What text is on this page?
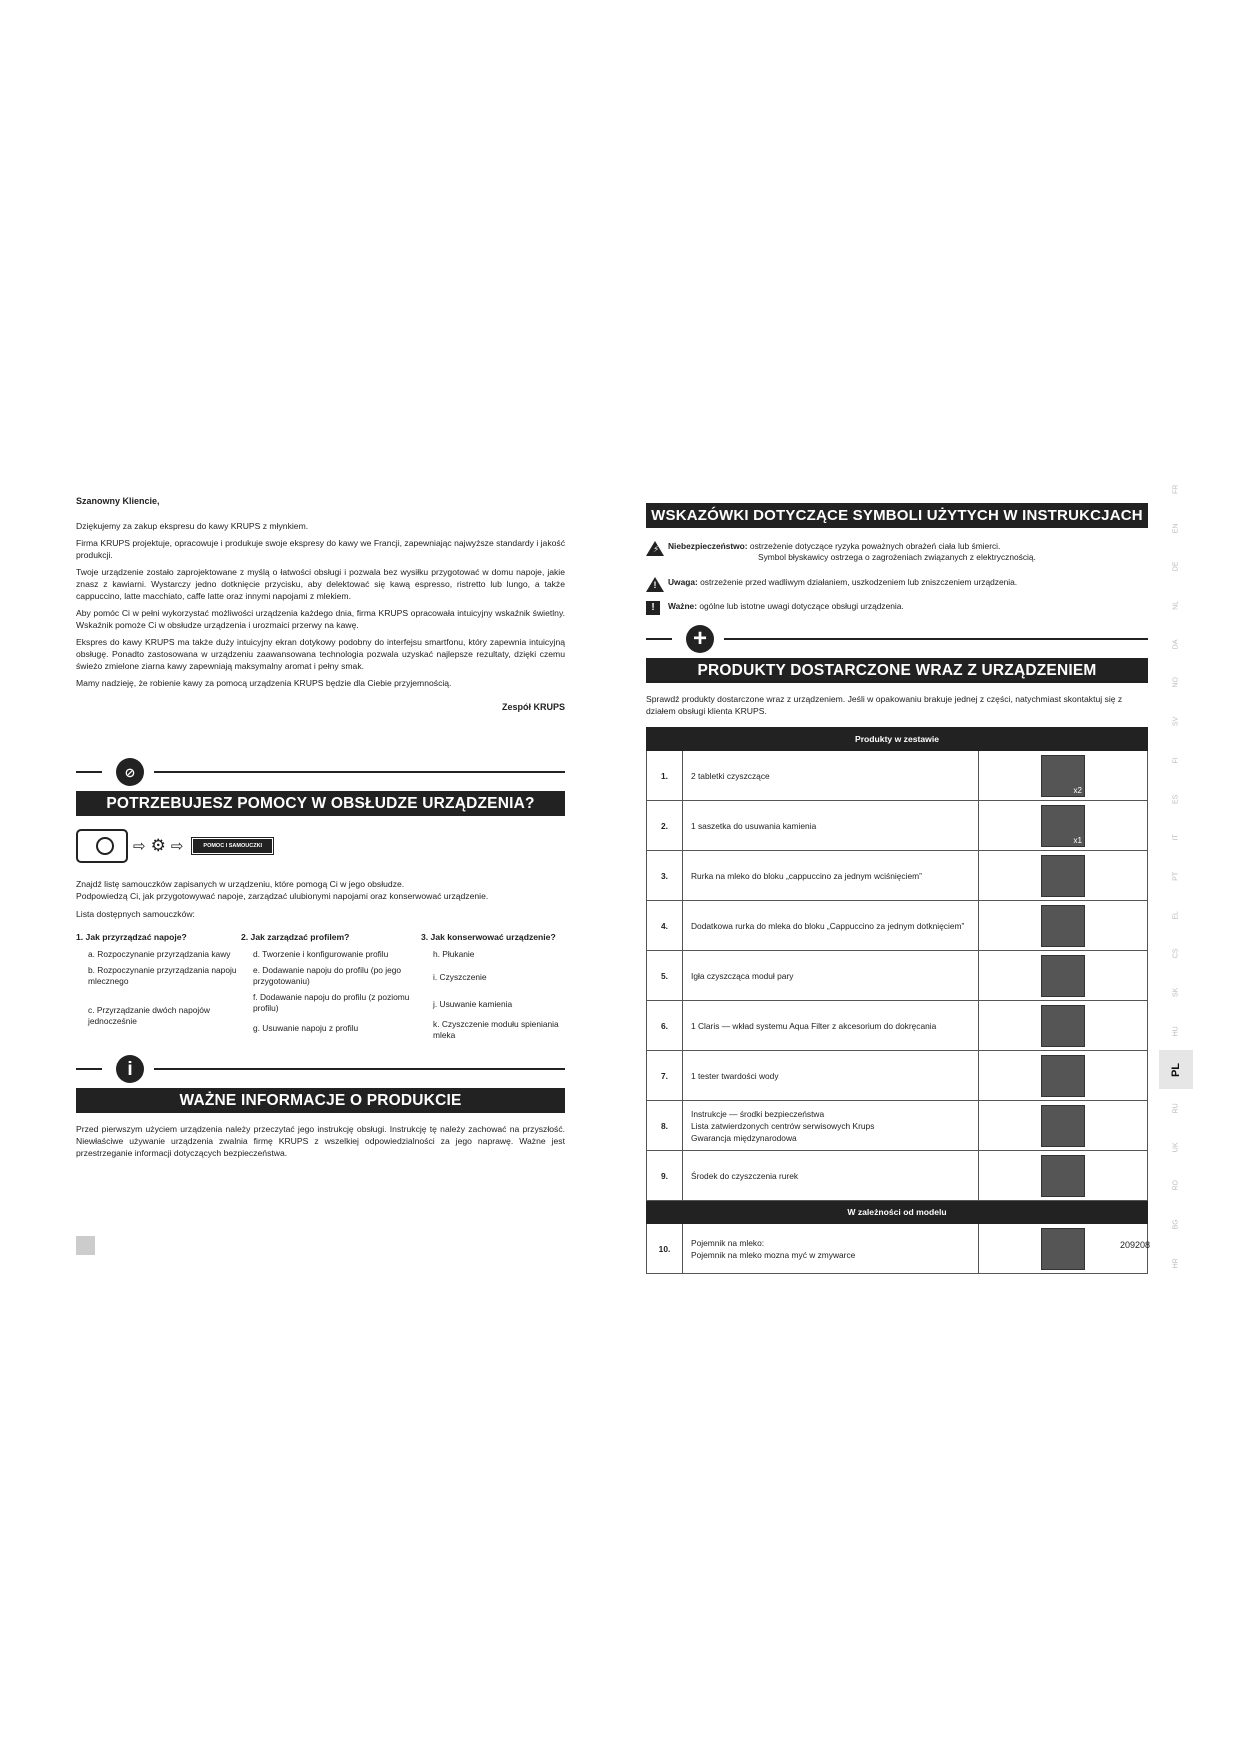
Szanowny Kliencie,

Dziękujemy za zakup ekspresu do kawy KRUPS z młynkiem.

Firma KRUPS projektuje, opracowuje i produkuje swoje ekspresy do kawy we Francji, zapewniając najwyższe standardy i jakość produkcji.

Twoje urządzenie zostało zaprojektowane z myślą o łatwości obsługi i pozwala bez wysiłku przygotować w domu napoje, jakie znasz z kawiarni. Wystarczy jedno dotknięcie przycisku, aby delektować się kawą espresso, ristretto lub lungo, a także cappuccino, latte macchiato, caffe latte oraz innymi napojami z mlekiem.

Aby pomóc Ci w pełni wykorzystać możliwości urządzenia każdego dnia, firma KRUPS opracowała intuicyjny wskaźnik świetlny. Wskaźnik pomoże Ci w obsłudze urządzenia i urozmaici przerwy na kawę.

Ekspres do kawy KRUPS ma także duży intuicyjny ekran dotykowy podobny do interfejsu smartfonu, który zapewnia intuicyjną obsługę. Ponadto zastosowana w urządzeniu zaawansowana technologia pozwala uzyskać najlepsze rezultaty, dzięki czemu świeżo zmielone ziarna kawy zapewniają maksymalny aromat i pełny smak.

Mamy nadzieję, że robienie kawy za pomocą urządzenia KRUPS będzie dla Ciebie przyjemnością.

Zespół KRUPS

⊘
POTRZEBUJESZ POMOCY W OBSŁUDZE URZĄDZENIA?
⇨ ⚙ ⇨	POMOC I SAMOUCZKI

Znajdź listę samouczków zapisanych w urządzeniu, które pomogą Ci w jego obsłudze.

Podpowiedzą Ci, jak przygotowywać napoje, zarządzać ulubionymi napojami oraz konserwować urządzenie.

Lista dostępnych samouczków:

1. Jak przyrządzać napoje?
a. Rozpoczynanie przyrządzania kawy
b. Rozpoczynanie przyrządzania napoju mlecznego
c. Przyrządzanie dwóch napojów jednocześnie
2. Jak zarządzać profilem?
d. Tworzenie i konfigurowanie profilu
e. Dodawanie napoju do profilu (po jego przygotowaniu)
f. Dodawanie napoju do profilu (z poziomu profilu)
g. Usuwanie napoju z profilu
3. Jak konserwować urządzenie?
h. Płukanie
i. Czyszczenie
j. Usuwanie kamienia
k. Czyszczenie modułu spieniania mleka
i
WAŻNE INFORMACJE O PRODUKCIE

Przed pierwszym użyciem urządzenia należy przeczytać jego instrukcję obsługi. Instrukcję tę należy zachować na przyszłość. Niewłaściwe używanie urządzenia zwalnia firmę KRUPS z wszelkiej odpowiedzialności za jego naprawę. Ważne jest przestrzeganie informacji dotyczących bezpieczeństwa.

WSKAZÓWKI DOTYCZĄCE SYMBOLI UŻYTYCH W INSTRUKCJACH
⚡ Niebezpieczeństwo: ostrzeżenie dotyczące ryzyka poważnych obrażeń ciała lub śmierci.
Symbol błyskawicy ostrzega o zagrożeniach związanych z elektrycznością.
! Uwaga: ostrzeżenie przed wadliwym działaniem, uszkodzeniem lub zniszczeniem urządzenia.
!	Ważne: ogólne lub istotne uwagi dotyczące obsługi urządzenia.
+
PRODUKTY DOSTARCZONE WRAZ Z URZĄDZENIEM

Sprawdź produkty dostarczone wraz z urządzeniem. Jeśli w opakowaniu brakuje jednej z części, natychmiast skontaktuj się z działem obsługi klienta KRUPS.

Produkty w zestawie		
1.	2 tabletki czyszczące	x2

2.	1 saszetka do usuwania kamienia	x1

3.	Rurka na mleko do bloku „cappuccino za jednym wciśnięciem”	

4.	Dodatkowa rurka do mleka do bloku „Cappuccino za jednym dotknięciem”	

5.	Igła czyszcząca moduł pary	

6.	1 Claris — wkład systemu Aqua Filter z akcesorium do dokręcania	

7.	1 tester twardości wody	

8.	Instrukcje — środki bezpieczeństwa
Lista zatwierdzonych centrów serwisowych Krups
Gwarancja międzynarodowa	

9.	Środek do czyszczenia rurek	

W zależności od modelu		
10.	Pojemnik na mleko:
Pojemnik na mleko mozna myć w zmywarce	
209208
FR
EN
DE
NL
DA
NO
SV
FI
ES
IT
PT
EL
CS
SK
HU
PL
RU
UK
RO
BG
HR
